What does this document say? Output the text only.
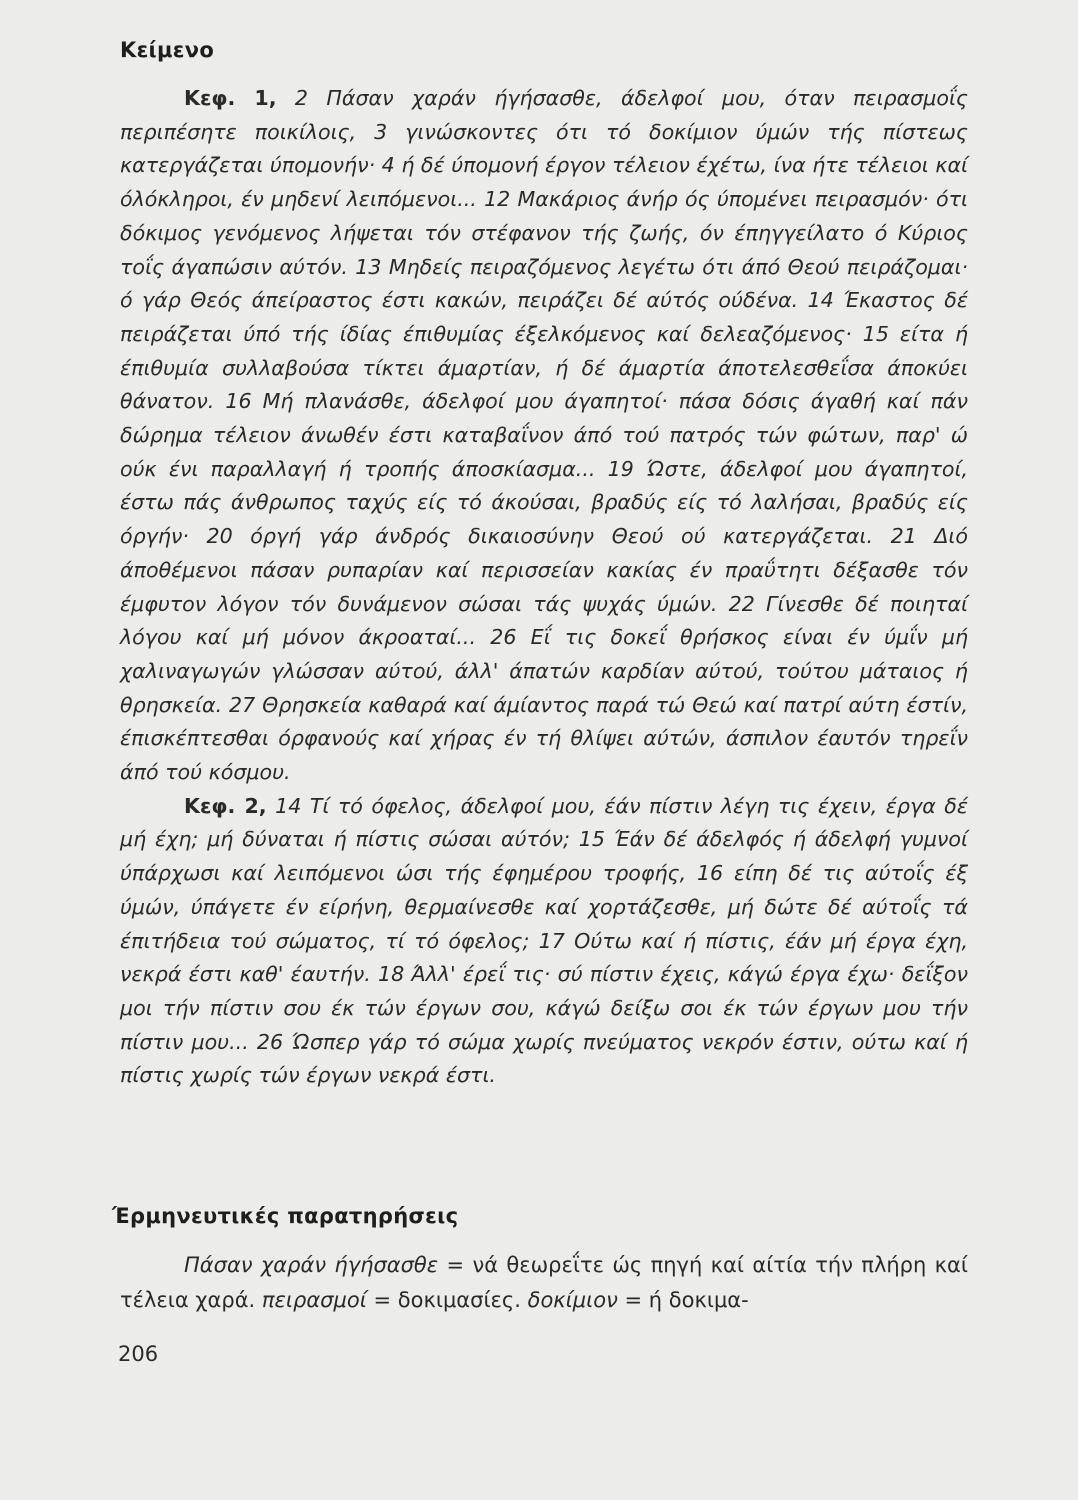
Κείμενο

Κεφ. 1, 2 Πάσαν χαράν ήγήσασθε, άδελφοί μου, όταν πειρασμοΐς περιπέσητε ποικίλοις, 3 γινώσκοντες ότι τό δοκίμιον ύμών τής πίστεως κατεργάζεται ύπομονήν· 4 ή δέ ύπομονή έργον τέλειον έχέτω, ίνα ήτε τέλειοι καί όλόκληροι, έν μηδενί λειπόμενοι... 12 Μακάριος άνήρ ός ύπομένει πειρασμόν· ότι δόκιμος γενόμενος λήψεται τόν στέφανον τής ζωής, όν έπηγγείλατο ό Κύριος τοΐς άγαπώσιν αύτόν. 13 Μηδείς πειραζόμενος λεγέτω ότι άπό Θεού πειράζομαι· ό γάρ Θεός άπείραστος έστι κακών, πειράζει δέ αύτός ούδένα. 14 Έκαστος δέ πειράζεται ύπό τής ίδίας έπιθυμίας έξελκόμενος καί δελεαζόμενος· 15 είτα ή έπιθυμία συλλαβούσα τίκτει άμαρτίαν, ή δέ άμαρτία άποτελεσθεΐσα άποκύει θάνατον. 16 Μή πλανάσθε, άδελφοί μου άγαπητοί· πάσα δόσις άγαθή καί πάν δώρημα τέλειον άνωθέν έστι καταβαΐνον άπό τού πατρός τών φώτων, παρ' ώ ούκ ένι παραλλαγή ή τροπής άποσκίασμα... 19 Ώστε, άδελφοί μου άγαπητοί, έστω πάς άνθρωπος ταχύς είς τό άκούσαι, βραδύς είς τό λαλήσαι, βραδύς είς όργήν· 20 όργή γάρ άνδρός δικαιοσύνην Θεού ού κατεργάζεται. 21 Διό άποθέμενοι πάσαν ρυπαρίαν καί περισσείαν κακίας έν πραΰτητι δέξασθε τόν έμφυτον λόγον τόν δυνάμενον σώσαι τάς ψυχάς ύμών. 22 Γίνεσθε δέ ποιηταί λόγου καί μή μόνον άκροαταί... 26 Εΐ τις δοκεΐ θρήσκος είναι έν ύμΐν μή χαλιναγωγών γλώσσαν αύτού, άλλ' άπατών καρδίαν αύτού, τούτου μάταιος ή θρησκεία. 27 Θρησκεία καθαρά καί άμίαντος παρά τώ Θεώ καί πατρί αύτη έστίν, έπισκέπτεσθαι όρφανούς καί χήρας έν τή θλίψει αύτών, άσπιλον έαυτόν τηρεΐν άπό τού κόσμου.

Κεφ. 2, 14 Τί τό όφελος, άδελφοί μου, έάν πίστιν λέγη τις έχειν, έργα δέ μή έχη; μή δύναται ή πίστις σώσαι αύτόν; 15 Έάν δέ άδελφός ή άδελφή γυμνοί ύπάρχωσι καί λειπόμενοι ώσι τής έφημέρου τροφής, 16 είπη δέ τις αύτοΐς έξ ύμών, ύπάγετε έν είρήνη, θερμαίνεσθε καί χορτάζεσθε, μή δώτε δέ αύτοΐς τά έπιτήδεια τού σώματος, τί τό όφελος; 17 Ούτω καί ή πίστις, έάν μή έργα έχη, νεκρά έστι καθ' έαυτήν. 18 Άλλ' έρεΐ τις· σύ πίστιν έχεις, κάγώ έργα έχω· δεΐξον μοι τήν πίστιν σου έκ τών έργων σου, κάγώ δείξω σοι έκ τών έργων μου τήν πίστιν μου... 26 Ώσπερ γάρ τό σώμα χωρίς πνεύματος νεκρόν έστιν, ούτω καί ή πίστις χωρίς τών έργων νεκρά έστι.

Έρμηνευτικές παρατηρήσεις

Πάσαν χαράν ήγήσασθε = νά θεωρεΐτε ώς πηγή καί αίτία τήν πλήρη καί τέλεια χαρά. πειρασμοί = δοκιμασίες. δοκίμιον = ή δοκιμα-

206
